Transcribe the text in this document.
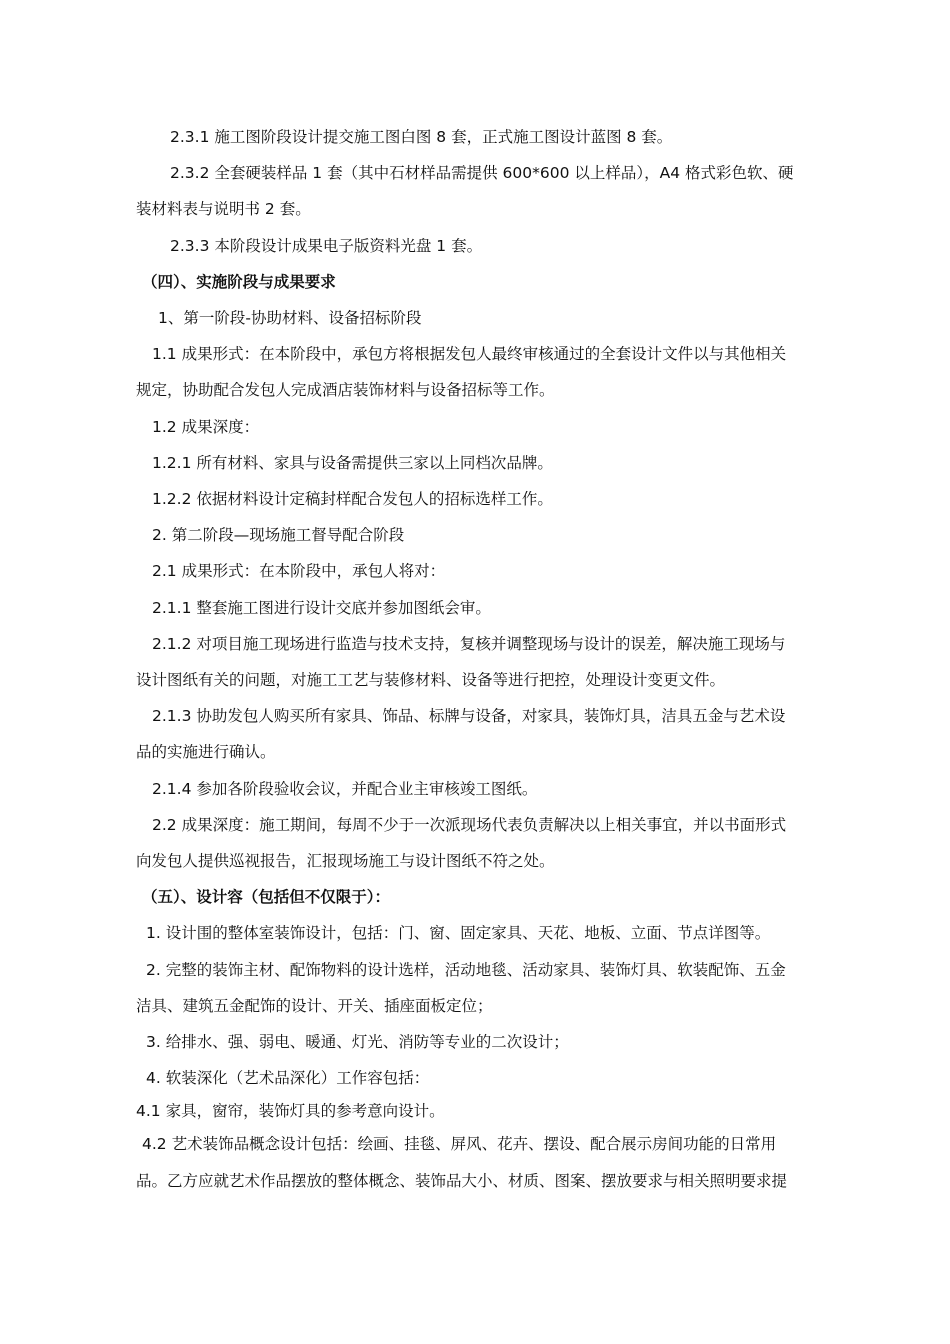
2.3.1 施工图阶段设计提交施工图白图 8 套，正式施工图设计蓝图 8 套。

2.3.2 全套硬装样品 1 套（其中石材样品需提供 600*600 以上样品），A4 格式彩色软、硬

装材料表与说明书 2 套。

2.3.3 本阶段设计成果电子版资料光盘 1 套。

（四）、实施阶段与成果要求

1、第一阶段-协助材料、设备招标阶段

1.1 成果形式：在本阶段中，承包方将根据发包人最终审核通过的全套设计文件以与其他相关

规定，协助配合发包人完成酒店装饰材料与设备招标等工作。

1.2 成果深度：

1.2.1 所有材料、家具与设备需提供三家以上同档次品牌。

1.2.2 依据材料设计定稿封样配合发包人的招标选样工作。

2. 第二阶段—现场施工督导配合阶段

2.1 成果形式：在本阶段中，承包人将对：

2.1.1 整套施工图进行设计交底并参加图纸会审。

2.1.2 对项目施工现场进行监造与技术支持，复核并调整现场与设计的误差，解决施工现场与

设计图纸有关的问题，对施工工艺与装修材料、设备等进行把控，处理设计变更文件。

2.1.3 协助发包人购买所有家具、饰品、标牌与设备，对家具，装饰灯具，洁具五金与艺术设

品的实施进行确认。

2.1.4 参加各阶段验收会议，并配合业主审核竣工图纸。

2.2 成果深度：施工期间，每周不少于一次派现场代表负责解决以上相关事宜，并以书面形式

向发包人提供巡视报告，汇报现场施工与设计图纸不符之处。

（五）、设计容（包括但不仅限于）：

1. 设计围的整体室装饰设计，包括：门、窗、固定家具、天花、地板、立面、节点详图等。

2. 完整的装饰主材、配饰物料的设计选样，活动地毯、活动家具、装饰灯具、软装配饰、五金

洁具、建筑五金配饰的设计、开关、插座面板定位；

3. 给排水、强、弱电、暖通、灯光、消防等专业的二次设计；

4. 软装深化（艺术品深化）工作容包括：

4.1 家具，窗帘，装饰灯具的参考意向设计。

4.2 艺术装饰品概念设计包括：绘画、挂毯、屏风、花卉、摆设、配合展示房间功能的日常用

品。乙方应就艺术作品摆放的整体概念、装饰品大小、材质、图案、摆放要求与相关照明要求提
